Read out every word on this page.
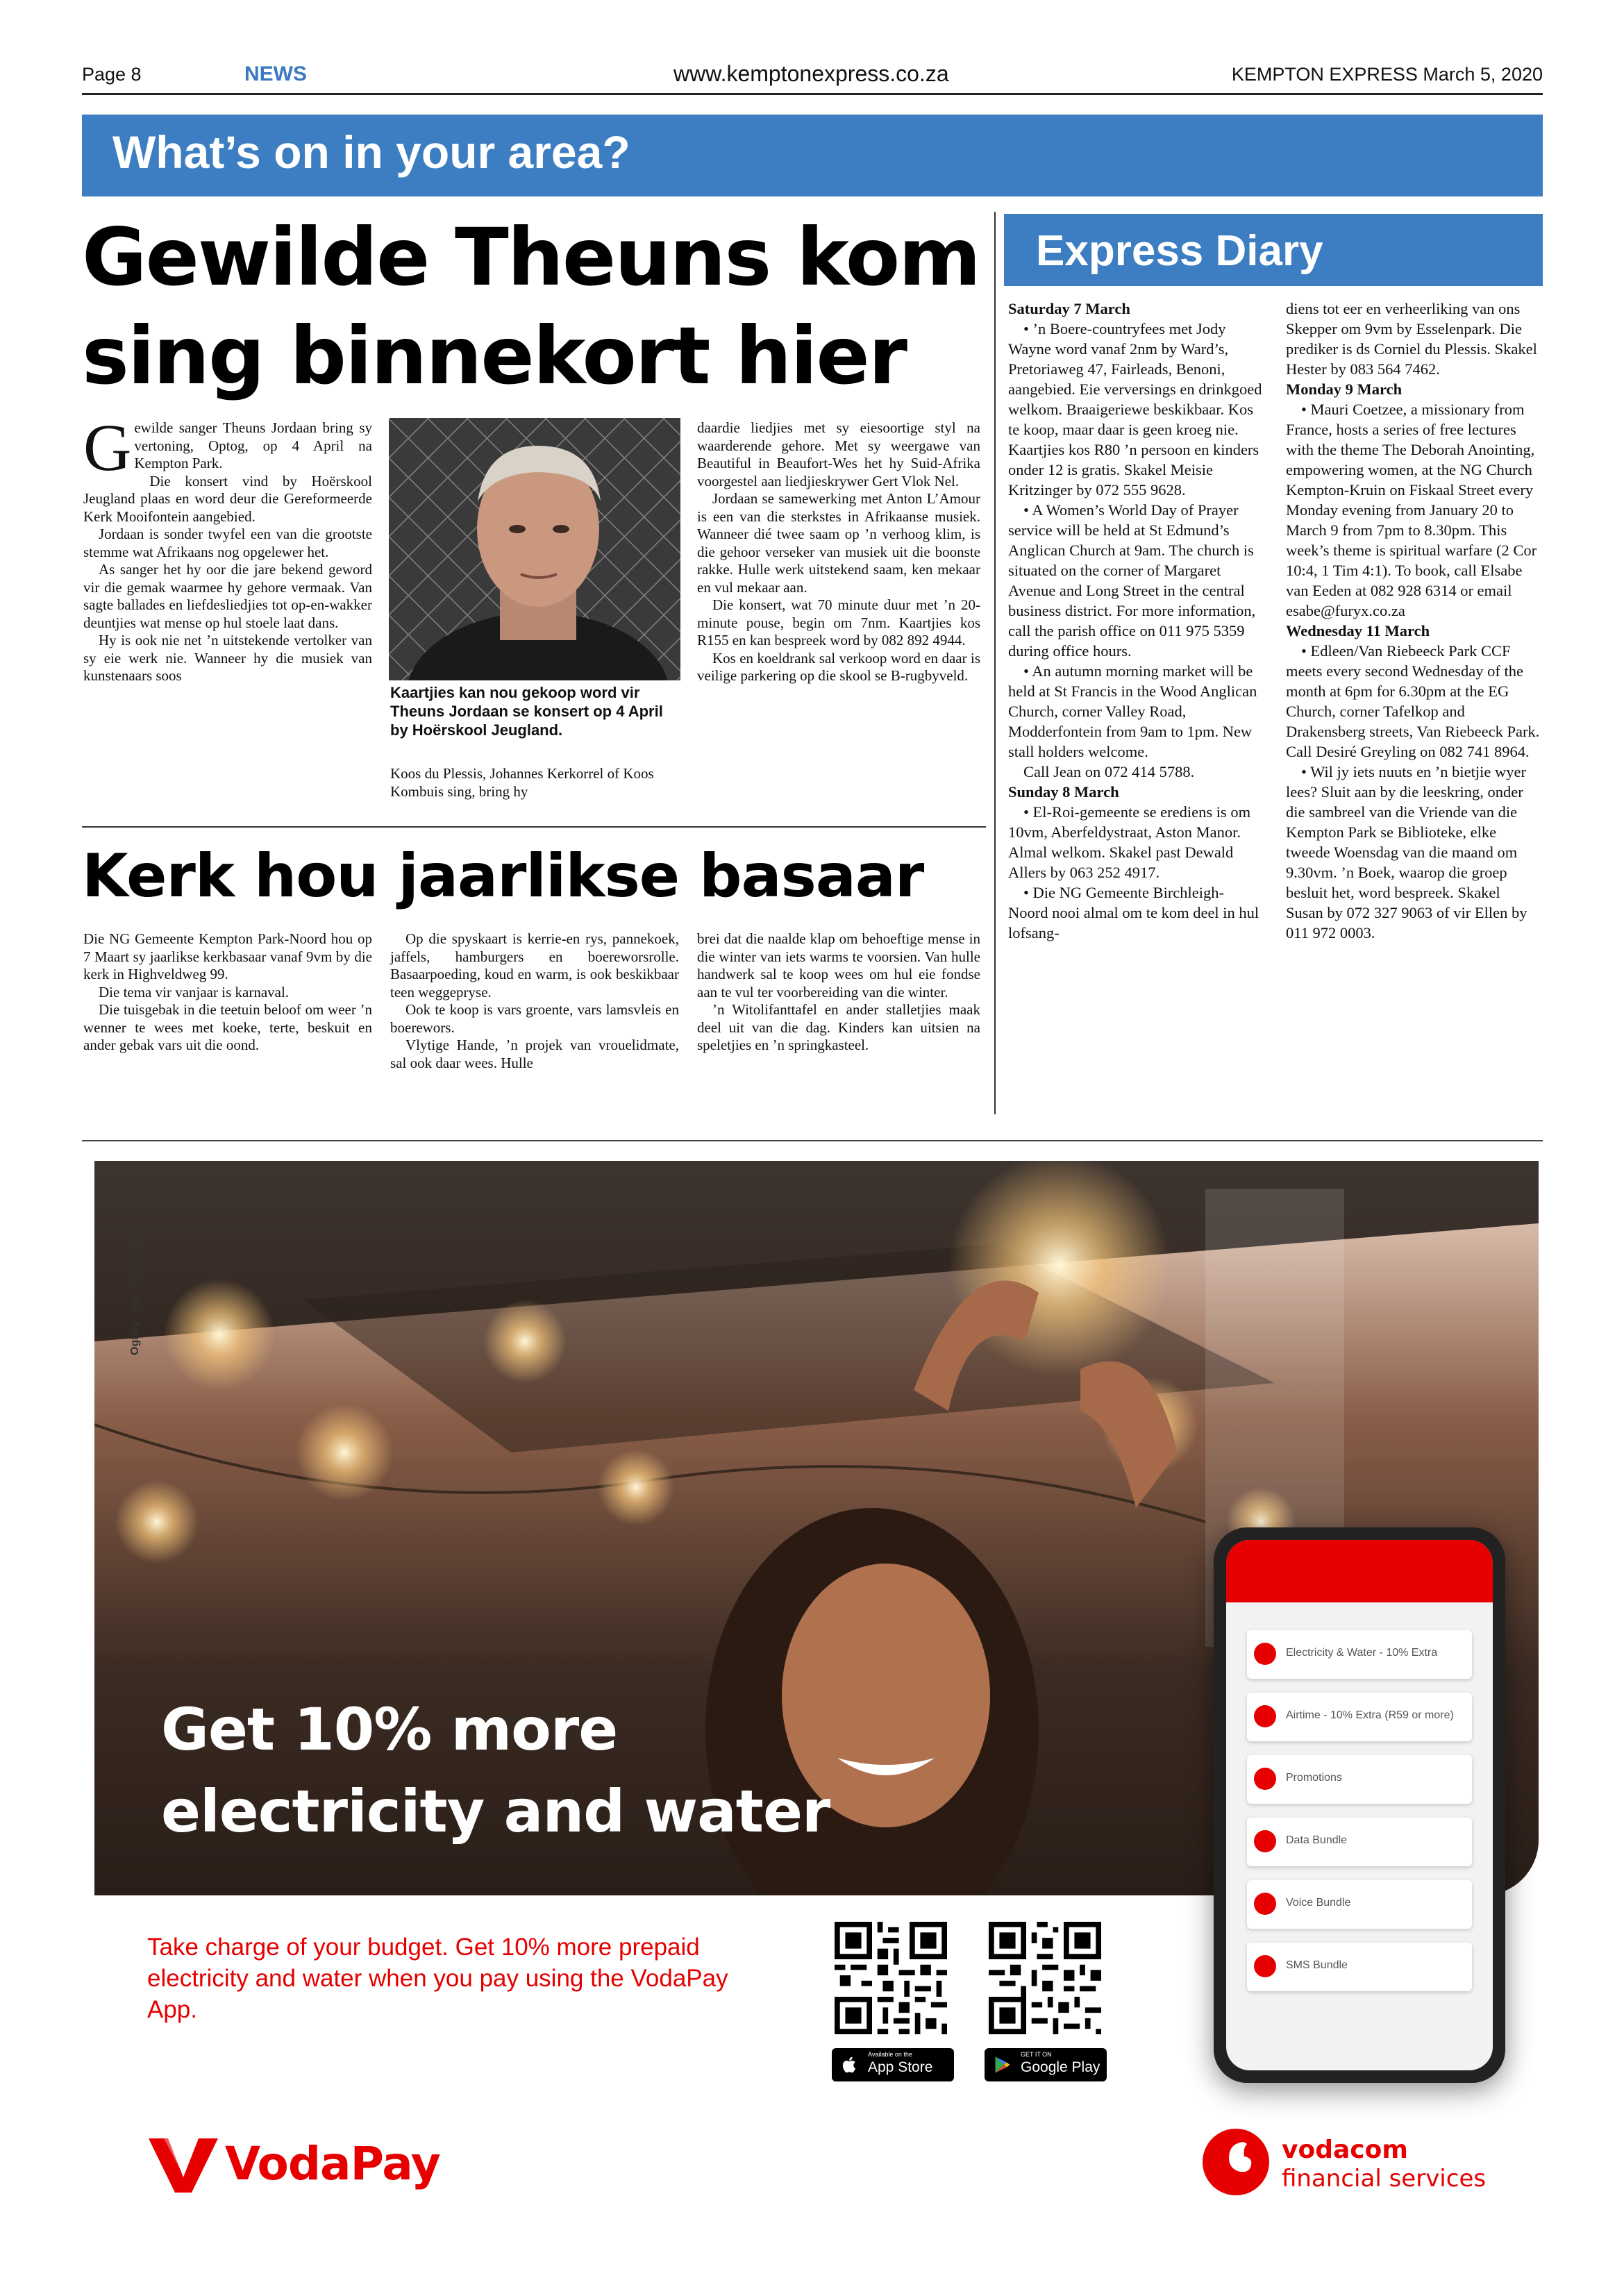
Page 8	NEWS	www.kemptonexpress.co.za	KEMPTON EXPRESS March 5, 2020
What’s on in your area?
Gewilde Theuns kom
sing binnekort hier

Gewilde sanger Theuns Jordaan bring sy vertoning, Optog, op 4 April na Kempton Park.

Die konsert vind by Hoërskool Jeugland plaas en word deur die Gereformeerde Kerk Mooifontein aangebied.

Jordaan is sonder twyfel een van die grootste stemme wat Afrikaans nog opgelewer het.

As sanger het hy oor die jare bekend geword vir die gemak waarmee hy gehore vermaak. Van sagte ballades en liefdesliedjies tot op-en-wakker deuntjies wat mense op hul stoele laat dans.

Hy is ook nie net ’n uitstekende vertolker van sy eie werk nie. Wanneer hy die musiek van kunstenaars soos

Kaartjies kan nou gekoop word vir Theuns Jordaan se konsert op 4 April by Hoërskool Jeugland.
Koos du Plessis, Johannes Kerkorrel of Koos Kombuis sing, bring hy

daardie liedjies met sy eiesoortige styl na waarderende gehore. Met sy weergawe van Beautiful in Beaufort-Wes het hy Suid-Afrika voorgestel aan liedjieskrywer Gert Vlok Nel.

Jordaan se samewerking met Anton L’Amour is een van die sterkstes in Afrikaanse musiek. Wanneer dié twee saam op ’n verhoog klim, is die gehoor verseker van musiek uit die boonste rakke. Hulle werk uitstekend saam, ken mekaar en vul mekaar aan.

Die konsert, wat 70 minute duur met ’n 20-minute pouse, begin om 7nm. Kaartjies kos R155 en kan bespreek word by 082 892 4944.

Kos en koeldrank sal verkoop word en daar is veilige parkering op die skool se B-rugbyveld.

Kerk hou jaarlikse basaar

Die NG Gemeente Kempton Park-Noord hou op 7 Maart sy jaarlikse kerkbasaar vanaf 9vm by die kerk in Highveldweg 99.

Die tema vir vanjaar is karnaval.

Die tuisgebak in die teetuin beloof om weer ’n wenner te wees met koeke, terte, beskuit en ander gebak vars uit die oond.

Op die spyskaart is kerrie-en rys, pannekoek, jaffels, hamburgers en boereworsrolle. Basaarpoeding, koud en warm, is ook beskikbaar teen weggepryse.

Ook te koop is vars groente, vars lamsvleis en boerewors.

Vlytige Hande, ’n projek van vrouelidmate, sal ook daar wees. Hulle

brei dat die naalde klap om behoeftige mense in die winter van iets warms te voorsien. Van hulle handwerk sal te koop wees om hul eie fondse aan te vul ter voorbereiding van die winter.

’n Witolifanttafel en ander stalletjies maak deel uit van die dag. Kinders kan uitsien na speletjies en ’n springkasteel.

Express Diary

Saturday 7 March

• ’n Boere-countryfees met Jody Wayne word vanaf 2nm by Ward’s, Pretoriaweg 47, Fairleads, Benoni, aangebied. Eie verversings en drinkgoed welkom. Braaigeriewe beskikbaar. Kos te koop, maar daar is geen kroeg nie. Kaartjies kos R80 ’n persoon en kinders onder 12 is gratis. Skakel Meisie Kritzinger by 072 555 9628.

• A Women’s World Day of Prayer service will be held at St Edmund’s Anglican Church at 9am. The church is situated on the corner of Margaret Avenue and Long Street in the central business district. For more information, call the parish office on 011 975 5359 during office hours.

• An autumn morning market will be held at St Francis in the Wood Anglican Church, corner Valley Road, Modderfontein from 9am to 1pm. New stall holders welcome.

Call Jean on 072 414 5788.

Sunday 8 March

• El-Roi-gemeente se erediens is om 10vm, Aberfeldystraat, Aston Manor. Almal welkom. Skakel past Dewald Allers by 063 252 4917.

• Die NG Gemeente Birchleigh-Noord nooi almal om te kom deel in hul lofsang-

diens tot eer en verheerliking van ons Skepper om 9vm by Esselenpark. Die prediker is ds Corniel du Plessis. Skakel Hester by 083 564 7462.

Monday 9 March

• Mauri Coetzee, a missionary from France, hosts a series of free lectures with the theme The Deborah Anointing, empowering women, at the NG Church Kempton-Kruin on Fiskaal Street every Monday evening from January 20 to March 9 from 7pm to 8.30pm. This week’s theme is spiritual warfare (2 Cor 10:4, 1 Tim 4:1). To book, call Elsabe van Eeden at 082 928 6314 or email esabe@furyx.co.za

Wednesday 11 March

• Edleen/Van Riebeeck Park CCF meets every second Wednesday of the month at 6pm for 6.30pm at the EG Church, corner Tafelkop and Drakensberg streets, Van Riebeeck Park. Call Desiré Greyling on 082 741 8964.

• Wil jy iets nuuts en ’n bietjie wyer lees? Sluit aan by die leeskring, onder die sambreel van die Vriende van die Kempton Park se Biblioteke, elke tweede Woensdag van die maand om 9.30vm. ’n Boek, waarop die groep besluit het, word bespreek. Skakel Susan by 072 327 9063 of vir Ellen by 011 972 0003.

Ogilvy JHB 29695/VODA
Get 10% more
electricity and water
Take charge of your budget. Get 10% more prepaid electricity and water when you pay using the VodaPay App.
Available on the
App Store
GET IT ON
Google Play
Electricity & Water - 10% Extra
Airtime - 10% Extra (R59 or more)
Promotions
Data Bundle
Voice Bundle
SMS Bundle
VodaPay	vodacom
financial services
